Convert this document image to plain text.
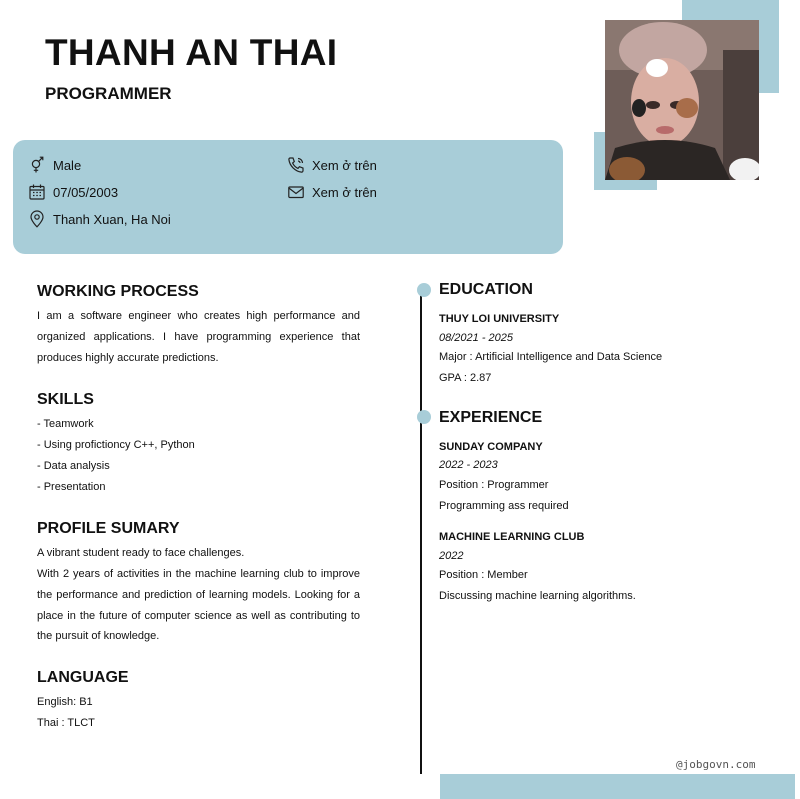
THANH AN THAI
PROGRAMMER
Male
07/05/2003
Thanh Xuan, Ha Noi
Xem ở trên
Xem ở trên
WORKING PROCESS

I am a software engineer who creates high performance and organized applications. I have programming experience that produces highly accurate predictions.

SKILLS
- Teamwork
- Using profictioncy C++, Python
- Data analysis
- Presentation
PROFILE SUMARY

A vibrant student ready to face challenges.

With 2 years of activities in the machine learning club to improve the performance and prediction of learning models. Looking for a place in the future of computer science as well as contributing to the pursuit of knowledge.

LANGUAGE
English: B1
Thai : TLCT
EDUCATION
THUY LOI UNIVERSITY
08/2021 - 2025
Major : Artificial Intelligence and Data Science
GPA : 2.87
EXPERIENCE
SUNDAY COMPANY
2022 - 2023
Position : Programmer
Programming ass required
MACHINE LEARNING CLUB
2022
Position : Member
Discussing machine learning algorithms.
@jobgovn.com
